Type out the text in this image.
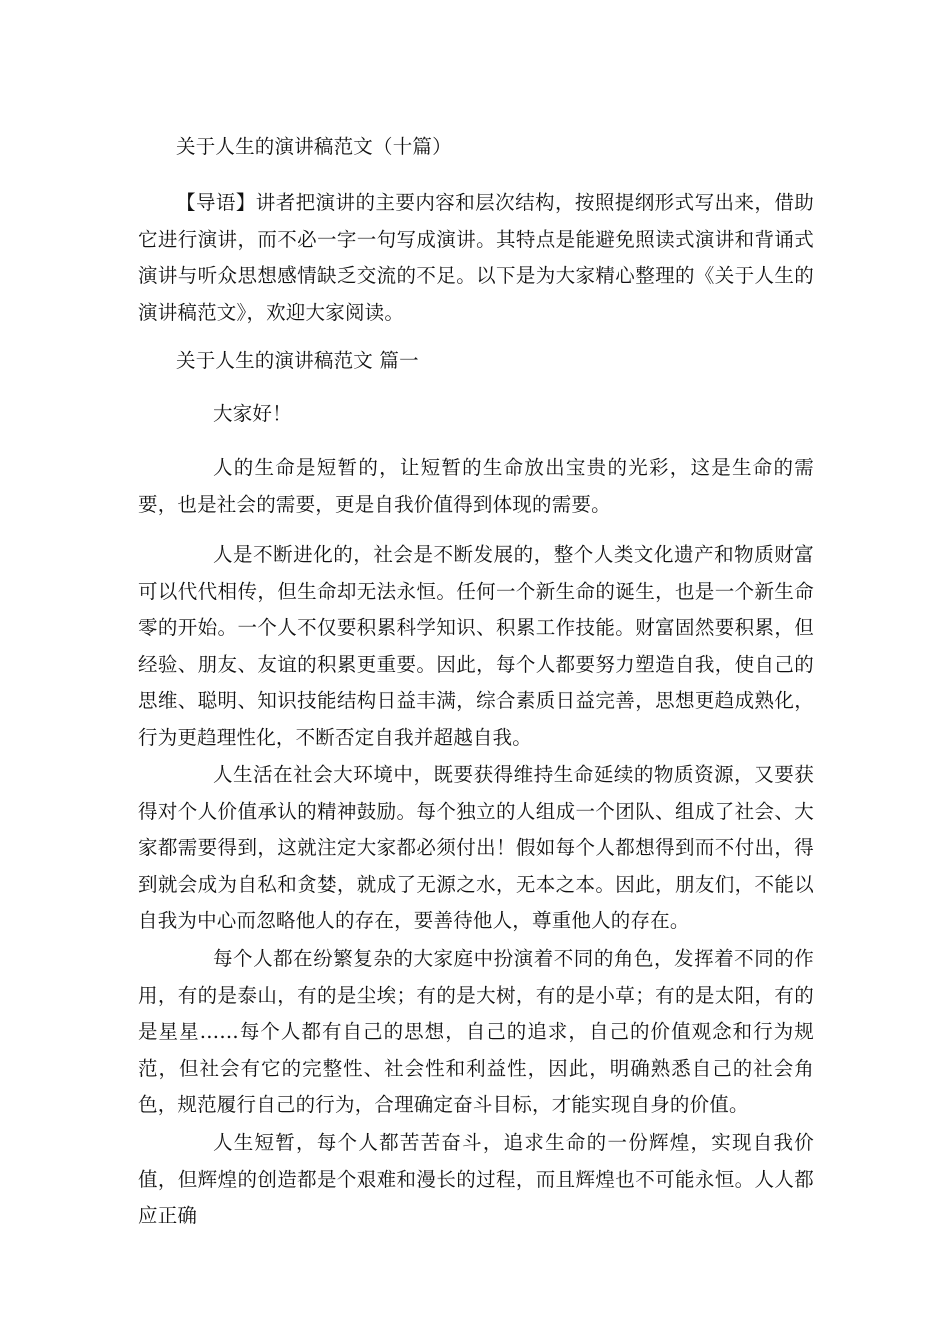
关于人生的演讲稿范文（十篇）

【导语】讲者把演讲的主要内容和层次结构，按照提纲形式写出来，借助它进行演讲，而不必一字一句写成演讲。其特点是能避免照读式演讲和背诵式演讲与听众思想感情缺乏交流的不足。以下是为大家精心整理的《关于人生的演讲稿范文》，欢迎大家阅读。

关于人生的演讲稿范文 篇一

大家好！

人的生命是短暂的，让短暂的生命放出宝贵的光彩，这是生命的需要，也是社会的需要，更是自我价值得到体现的需要。

人是不断进化的，社会是不断发展的，整个人类文化遗产和物质财富可以代代相传，但生命却无法永恒。任何一个新生命的诞生，也是一个新生命零的开始。一个人不仅要积累科学知识、积累工作技能。财富固然要积累，但经验、朋友、友谊的积累更重要。因此，每个人都要努力塑造自我，使自己的思维、聪明、知识技能结构日益丰满，综合素质日益完善，思想更趋成熟化，行为更趋理性化，不断否定自我并超越自我。

人生活在社会大环境中，既要获得维持生命延续的物质资源，又要获得对个人价值承认的精神鼓励。每个独立的人组成一个团队、组成了社会、大家都需要得到，这就注定大家都必须付出！假如每个人都想得到而不付出，得到就会成为自私和贪婪，就成了无源之水，无本之本。因此，朋友们，不能以自我为中心而忽略他人的存在，要善待他人，尊重他人的存在。

每个人都在纷繁复杂的大家庭中扮演着不同的角色，发挥着不同的作用，有的是泰山，有的是尘埃；有的是大树，有的是小草；有的是太阳，有的是星星……每个人都有自己的思想，自己的追求，自己的价值观念和行为规范，但社会有它的完整性、社会性和利益性，因此，明确熟悉自己的社会角色，规范履行自己的行为，合理确定奋斗目标，才能实现自身的价值。

人生短暂，每个人都苦苦奋斗，追求生命的一份辉煌，实现自我价值，但辉煌的创造都是个艰难和漫长的过程，而且辉煌也不可能永恒。人人都应正确
